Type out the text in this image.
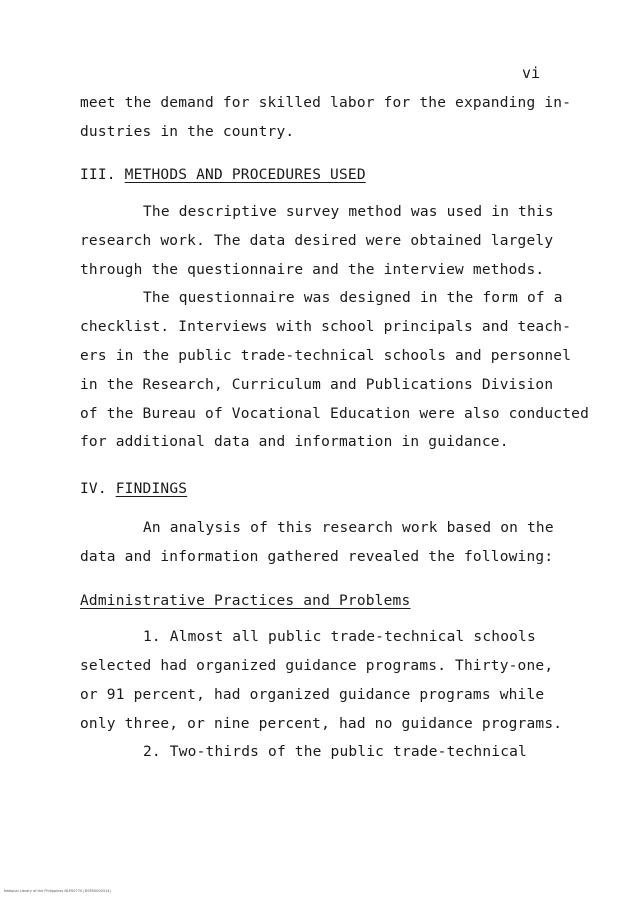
vi
meet the demand for skilled labor for the expanding in-
dustries in the country.
III. METHODS AND PROCEDURES USED
The descriptive survey method was used in this
research work. The data desired were obtained largely
through the questionnaire and the interview methods.
The questionnaire was designed in the form of a
checklist. Interviews with school principals and teach-
ers in the public trade-technical schools and personnel
in the Research, Curriculum and Publications Division
of the Bureau of Vocational Education were also conducted
for additional data and information in guidance.
IV. FINDINGS
An analysis of this research work based on the
data and information gathered revealed the following:
Administrative Practices and Problems
1. Almost all public trade-technical schools
selected had organized guidance programs. Thirty-one,
or 91 percent, had organized guidance programs while
only three, or nine percent, had no guidance programs.
2. Two-thirds of the public trade-technical
National Library of the Philippines NLP00770 (DSP00000314)
